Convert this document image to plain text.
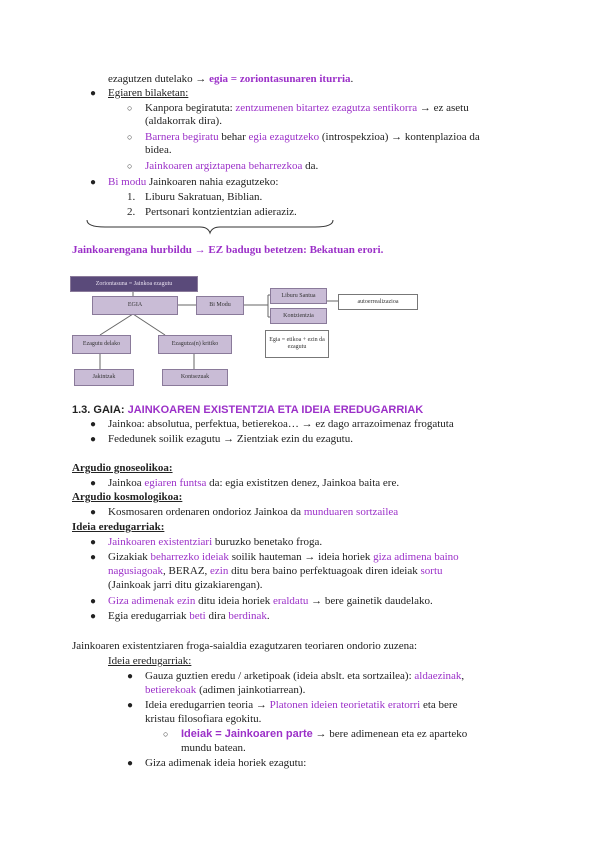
ezagutzen dutelako → egia = zoriontasunaren iturria.
● Egiaren bilaketan:
○ Kanpora begiratuta: zentzumenen bitartez ezagutza sentikorra → ez asetu
(aldakorrak dira).
○ Barnera begiratu behar egia ezagutzeko (introspekzioa) → kontenplazioa da
bidea.
○ Jainkoaren argiztapena beharrezkoa da.
● Bi modu Jainkoaren nahia ezagutzeko:
1. Liburu Sakratuan, Biblian.
2. Pertsonari kontzientzian adieraziz.
Jainkoarengana hurbildu → EZ badugu betetzen: Bekatuan erori.
Zoriontasuna = Jainkoa ezagutu
EGIA	Bi Modu
Liburu Santua
Kontzientzia
autoerrealizazioa
Egia = etikoa + ezin da ezagutu
Ezagutu delako	Ezagutza(n) kritiko
Jakintzak	Kontsezuak
1.3. GAIA: JAINKOAREN EXISTENTZIA ETA IDEIA EREDUGARRIAK
● Jainkoa: absolutua, perfektua, betierekoa… → ez dago arrazoimenaz frogatuta
● Fededunek soilik ezagutu → Zientziak ezin du ezagutu.
Argudio gnoseolikoa:
● Jainkoa egiaren funtsa da: egia existitzen denez, Jainkoa baita ere.
Argudio kosmologikoa:
● Kosmosaren ordenaren ondorioz Jainkoa da munduaren sortzailea
Ideia eredugarriak:
● Jainkoaren existentziari buruzko benetako froga.
● Gizakiak beharrezko ideiak soilik hauteman → ideia horiek giza adimena baino
nagusiagoak, BERAZ, ezin ditu bera baino perfektuagoak diren ideiak sortu
(Jainkoak jarri ditu gizakiarengan).
● Giza adimenak ezin ditu ideia horiek eraldatu → bere gainetik daudelako.
● Egia eredugarriak beti dira berdinak.
Jainkoaren existentziaren froga-saialdia ezagutzaren teoriaren ondorio zuzena:
Ideia eredugarriak:
● Gauza guztien eredu / arketipoak (ideia abslt. eta sortzailea): aldaezinak,
betierekoak (adimen jainkotiarrean).
● Ideia eredugarrien teoria → Platonen ideien teorietatik eratorri eta bere
kristau filosofiara egokitu.
○ Ideiak = Jainkoaren parte → bere adimenean eta ez aparteko
mundu batean.
● Giza adimenak ideia horiek ezagutu:
